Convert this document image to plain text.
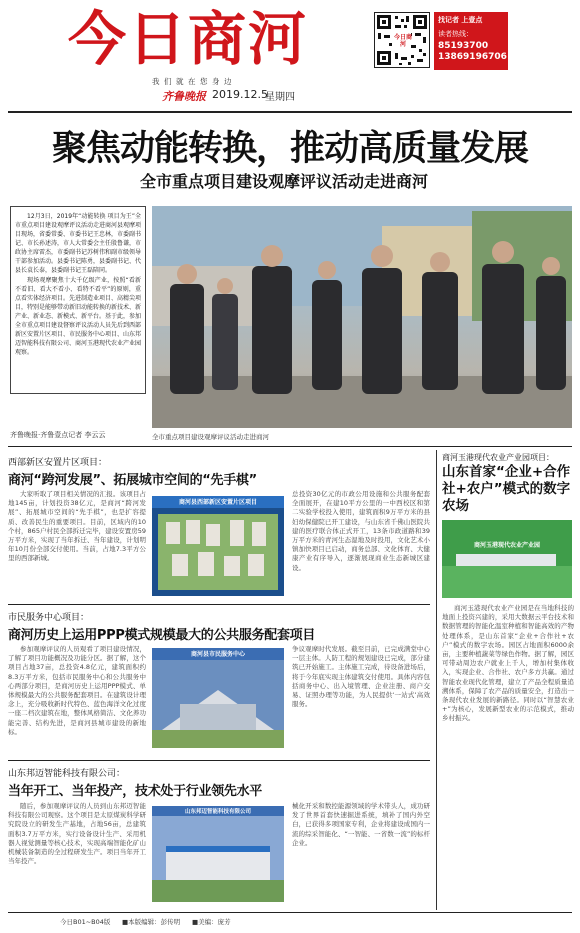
今日商河
我们就在您身边
齐鲁晚报 2019.12.5
星期四
今日商河
找记者 上壹点
读者热线：
85193700
13869196706
聚焦动能转换，推动高质量发展
全市重点项目建设观摩评议活动走进商河
12月3日，2019年“动能转换 项目为王”全市重点项目建设观摩评议活动走进商河县观摩项目现场，省委常委、市委书记王忠林，市委副书记、市长孙述涛，市人大常委会主任殷鲁谦，市政协主席雷杰，市委副书记苏树伟和副市级领导干部参加活动。县委书记陈勇，县委副书记、代县长袁长泰，县委副书记王磊陪同。
现场观摩聚焦十大千亿级产业，按照“看新不看旧、看大不看小、看特不看平”的原则，重点看实体经济项目。先进制造业项目、高精尖项目，特别是能够带动新旧动能转换的新技术、新产业、新业态、新模式、新平台。基于此，参加全市重点项目建设督察评议活动人员先后到西部新区安置片区项目、市民服务中心项目、山东邦迈智能科技有限公司、商河玉港现代农业产业园观察。
齐鲁晚报·齐鲁壹点记者 李云云	全市重点项目建设观摩评议活动走进商河
西部新区安置片区项目：
商河“跨河发展”、拓展城市空间的“先手棋”
大家听取了项目相关情况的汇报。该项目占地145亩，计划投资38亿元，是商河“跨河发展”、拓展城市空间的“先手棋”，也是扩容提质、改善民生的重要项目。目前，区域内的10个村，865户村民全部拆迁完毕，建设安置房59万平方米，实现了当年拆迁、当年建设，计划明年10月份全部交付使用。当前，占地7.3平方公里的西部新城。
商河县西部新区安置片区项目
总投资30亿元的市政公用设施和公共服务配套全面展开，在建10平方公里的一中西校区和第二实验学校投入使用，建筑面积9万平方米的县妇幼保健院已开工建设，与山东省千佛山医院共建的医疗联合体正式开工，13条市政道路和39万平方米的青河生态湿地及时投用，文化艺术小镇加快项目已启动，商务总部、文化体育、大健康产业有序导入，逐渐展现商业生态新城区建设。
市民服务中心项目：
商河历史上运用PPP模式规模最大的公共服务配套项目
参加观摩评议的人员观看了项目建设情况，了解了项目功能概况及功能分区。据了解，这个项目占地37亩，总投资4.8亿元，建筑面积约8.3万平方米，包括市民服务中心和公共服务中心两部分项目，是商河历史上运用PPP模式、单体规模最大的公共服务配套项目。在建筑设计理念上，充分吸收新时代特色、蓝色海洋文化过度一座二档次建筑在地，整体风格简洁、文化养功能完善、结构先进，是商河县城市建设的新地标。
商河县市民服务中心
争议观摩时代发展。截至目前，已完成满堂中心一层主体。人防工程的规划建设已完成，部分建筑已开始施工。主体施工完成，待设备进场后，将于今年底实现主体建筑交付使用。具体内容包括商务中心、出入境管理、企业注册、商户交易、证照办理等功能，为人民提供‘一站式’高效服务。
山东邦迈智能科技有限公司：
当年开工、当年投产，技术处于行业领先水平
随后，参加观摩评议的人员到山东邦迈智能科技有限公司观察。这个项目是太原煤炭科学研究院设立的研发生产基地，占地56亩，总建筑面积3.7万平方米，实行设备设计生产、采用机器人视觉测量等核心技术，实现高端智能化矿山机械装备制造的全过程研发生产。项目当年开工当年投产。
山东邦迈智能科技有限公司
械化开采和数控能源领域的学术带头人，成功研发了世界首套快速掘进系统，填补了国内外空白，已获得多项国家专利，企业将建设成国内一流的综采智能化、“一智能、一省数一流”的标杆企业。
商河玉港现代农业产业园项目：
山东首家“企业+合作社+农户”模式的数字农场
商河玉港现代农业产业园
商河玉港现代农业产业园是在当地科技的地面上投资兴建的，采用大数据云平台技术和数据管理的智能化温室种植和智能高效的产物处理体系，是山东首家“企业+合作社+农户”模式的数字农场。园区占地面积6000余亩，主要种植蔬菜等绿色作物。据了解，园区可带动周边农户就业上千人，增加村集体收入，实现企业、合作社、农户多方共赢。通过智能农业现代化管理，建立了产品全程质量追溯体系，保障了农产品的质量安全，打造出一条现代农业发展的新路径。同时以“智慧农业+”为核心，发展新型农业的示范模式，推动乡村振兴。
今日B01~B04版 ■本版编辑：彭传明 ■美编：庞芳
